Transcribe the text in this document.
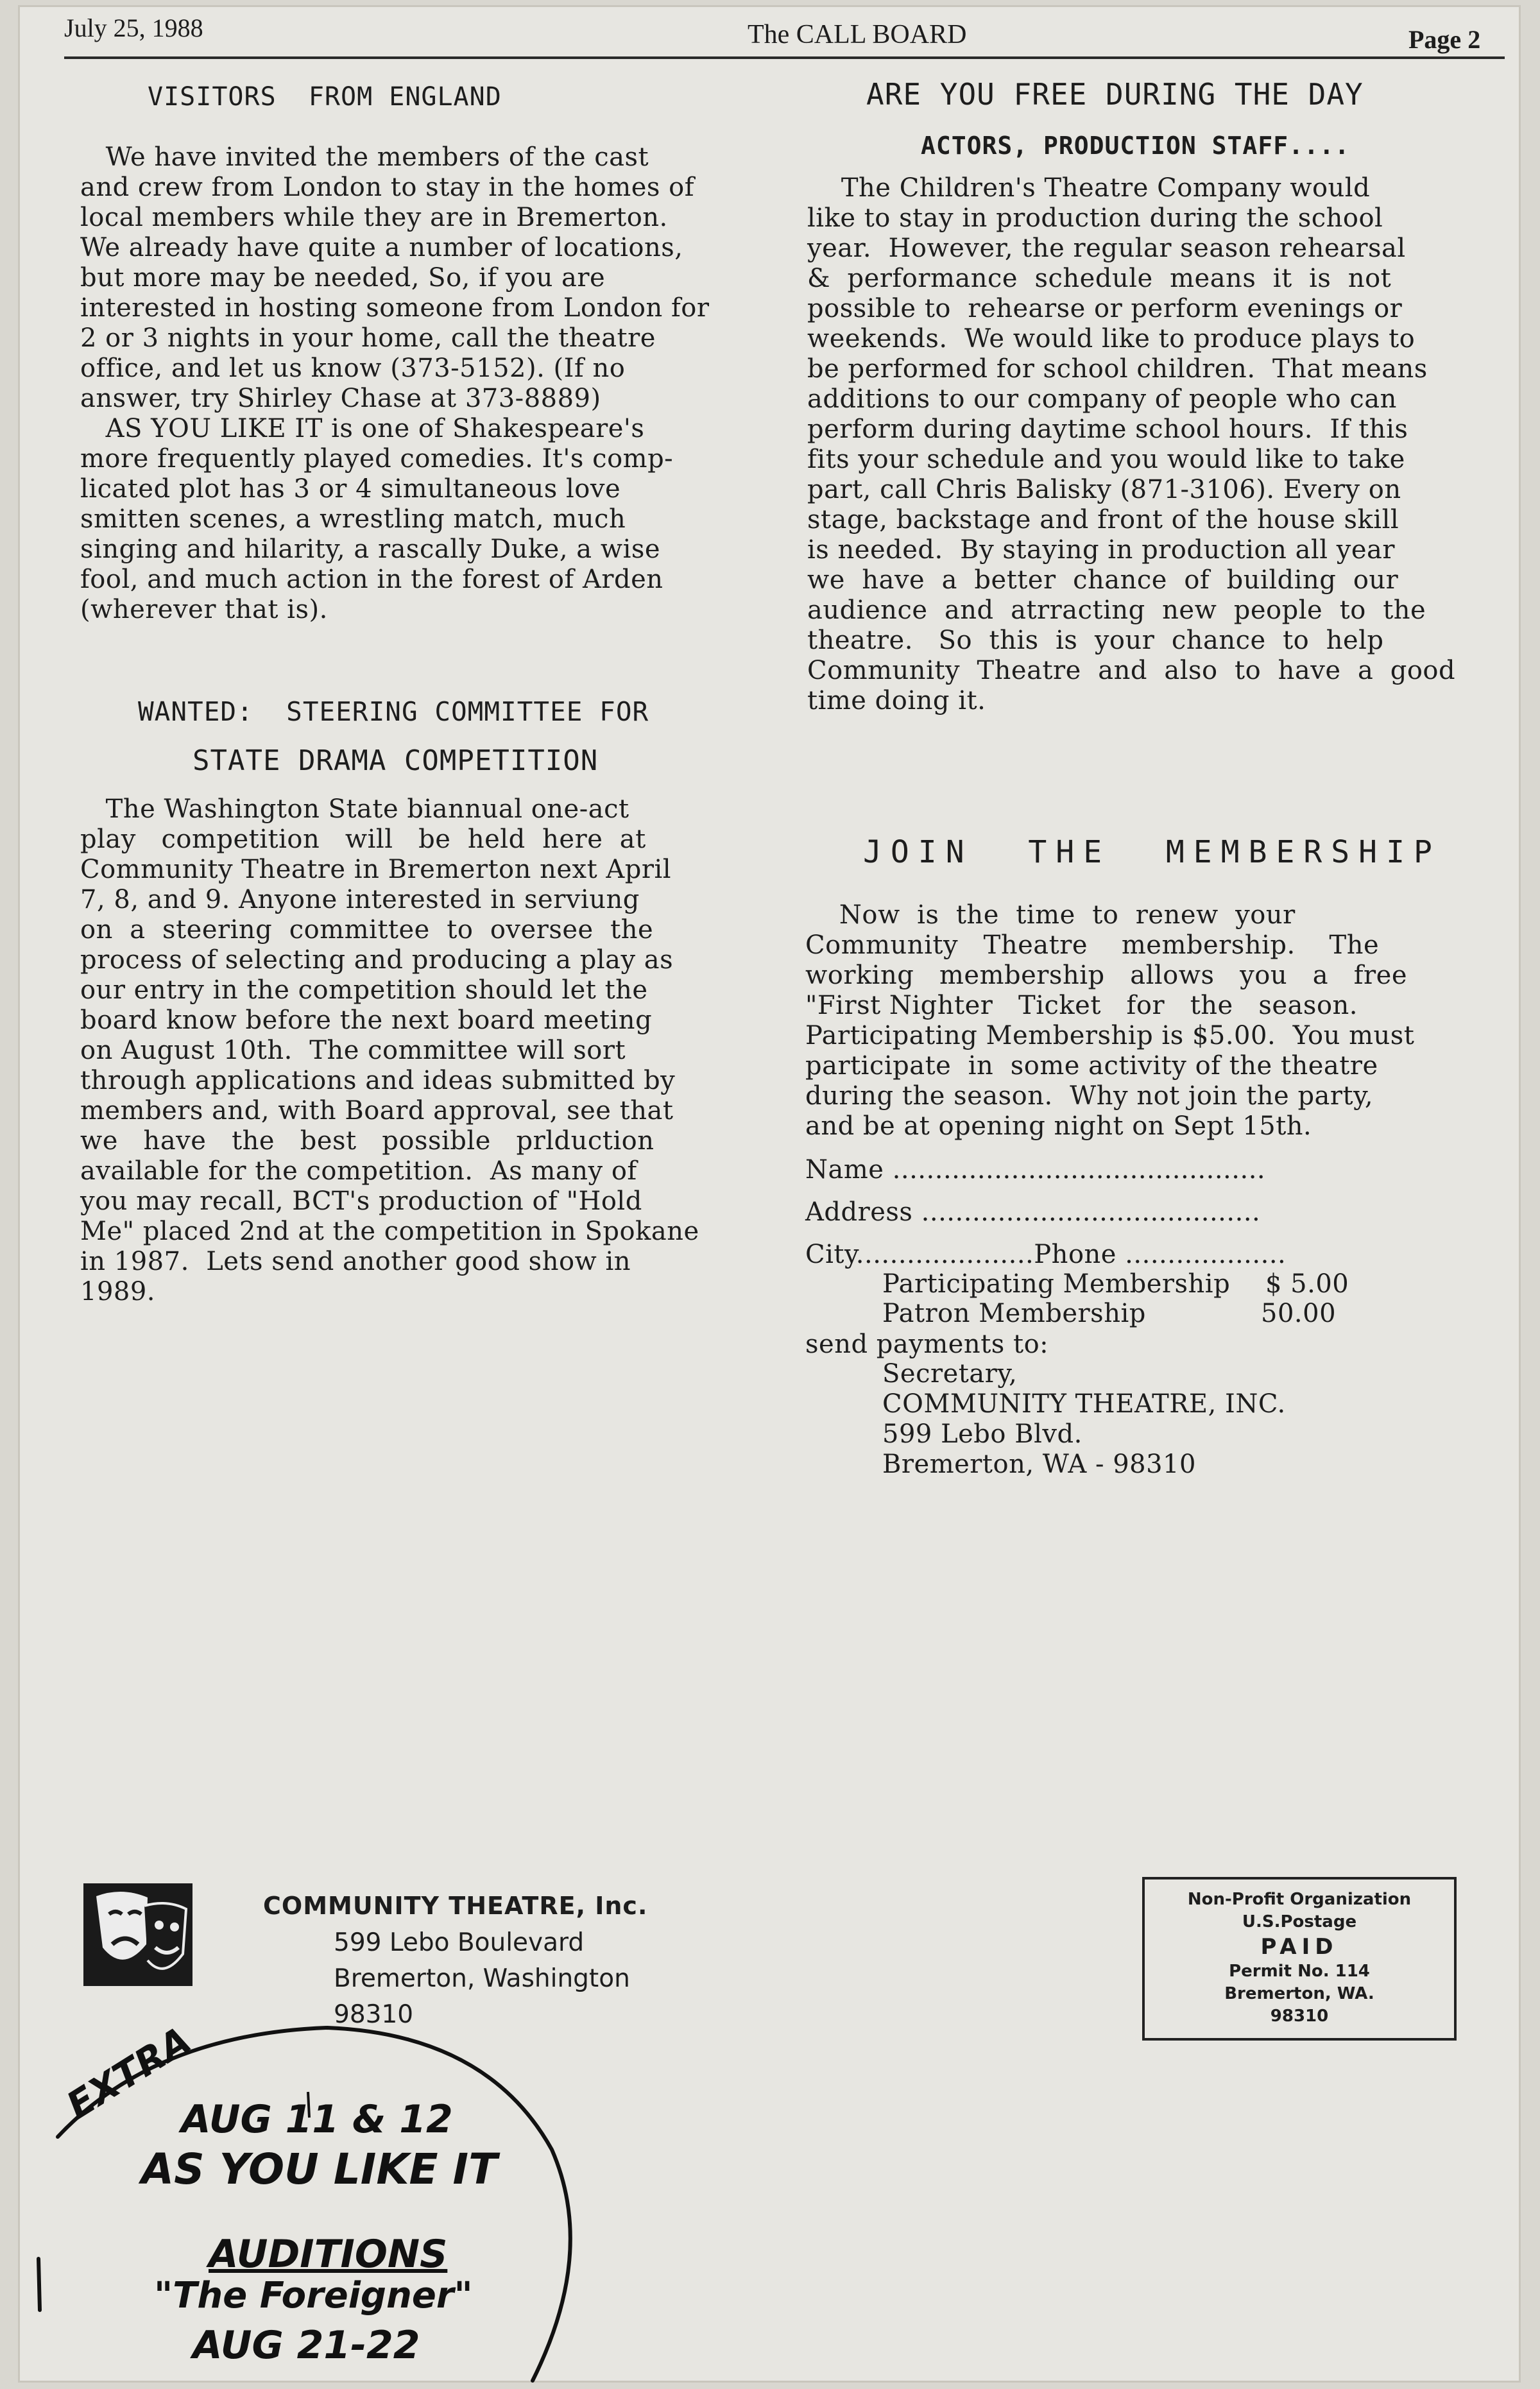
July 25, 1988	The CALL BOARD	Page 2
VISITORS  FROM ENGLAND
We have invited the members of the cast
and crew from London to stay in the homes of
local members while they are in Bremerton.
We already have quite a number of locations,
but more may be needed, So, if you are
interested in hosting someone from London for
2 or 3 nights in your home, call the theatre
office, and let us know (373-5152). (If no
answer, try Shirley Chase at 373-8889)
AS YOU LIKE IT is one of Shakespeare's
more frequently played comedies. It's comp-
licated plot has 3 or 4 simultaneous love
smitten scenes, a wrestling match, much
singing and hilarity, a rascally Duke, a wise
fool, and much action in the forest of Arden
(wherever that is).
WANTED:  STEERING COMMITTEE FOR
STATE DRAMA COMPETITION
The Washington State biannual one-act
play   competition   will   be  held  here  at
Community Theatre in Bremerton next April
7, 8, and 9. Anyone interested in serviung
on  a  steering  committee  to  oversee  the
process of selecting and producing a play as
our entry in the competition should let the
board know before the next board meeting
on August 10th.  The committee will sort
through applications and ideas submitted by
members and, with Board approval, see that
we   have   the   best   possible   prlduction
available for the competition.  As many of
you may recall, BCT's production of "Hold
Me" placed 2nd at the competition in Spokane
in 1987.  Lets send another good show in
1989.
ARE YOU FREE DURING THE DAY
ACTORS, PRODUCTION STAFF....
The Children's Theatre Company would
like to stay in production during the school
year.  However, the regular season rehearsal
&  performance  schedule  means  it  is  not
possible to  rehearse or perform evenings or
weekends.  We would like to produce plays to
be performed for school children.  That means
additions to our company of people who can
perform during daytime school hours.  If this
fits your schedule and you would like to take
part, call Chris Balisky (871-3106). Every on
stage, backstage and front of the house skill
is needed.  By staying in production all year
we  have  a  better  chance  of  building  our
audience  and  atrracting  new  people  to  the
theatre.   So  this  is  your  chance  to  help
Community  Theatre  and  also  to  have  a  good
time doing it.
JOIN  THE  MEMBERSHIP
Now  is  the  time  to  renew  your
Community   Theatre    membership.    The
working   membership   allows   you   a   free
"First Nighter   Ticket   for   the   season.
Participating Membership is $5.00.  You must
participate  in  some activity of the theatre
during the season.  Why not join the party,
and be at opening night on Sept 15th.
Name ............................................
Address ........................................
City.....................Phone ...................
Participating Membership $ 5.00
Patron Membership	50.00
send payments to:
Secretary,
COMMUNITY THEATRE, INC.
599 Lebo Blvd.
Bremerton, WA - 98310
COMMUNITY THEATRE, Inc.
599 Lebo Boulevard
Bremerton, Washington
98310
Non-Profit Organization
U.S.Postage
PAID
Permit No. 114
Bremerton, WA.
98310
EXTRA
AUG 11 & 12
AS YOU LIKE IT
AUDITIONS
"The Foreigner"
AUG 21-22
